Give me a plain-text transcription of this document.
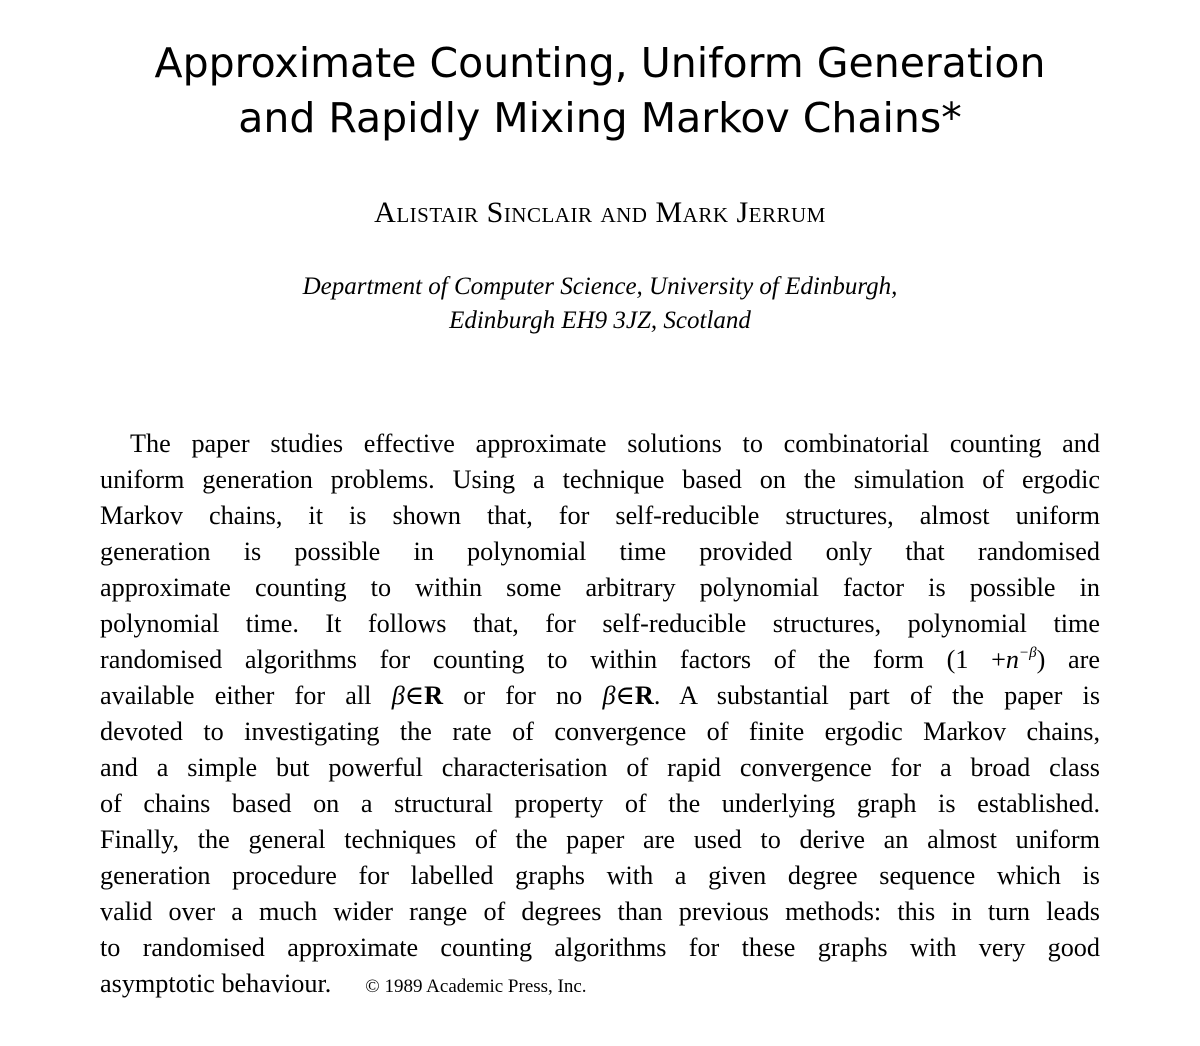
Approximate Counting, Uniform Generation
and Rapidly Mixing Markov Chains*
Alistair Sinclair and Mark Jerrum
Department of Computer Science, University of Edinburgh,
Edinburgh EH9 3JZ, Scotland
The paper studies effective approximate solutions to combinatorial counting and
uniform generation problems. Using a technique based on the simulation of ergodic
Markov chains, it is shown that, for self-reducible structures, almost uniform
generation is possible in polynomial time provided only that randomised
approximate counting to within some arbitrary polynomial factor is possible in
polynomial time. It follows that, for self-reducible structures, polynomial time
randomised algorithms for counting to within factors of the form $(1 +n^{-\beta})$ are
available either for all β∈R or for no β∈R. A substantial part of the paper is
devoted to investigating the rate of convergence of finite ergodic Markov chains,
and a simple but powerful characterisation of rapid convergence for a broad class
of chains based on a structural property of the underlying graph is established.
Finally, the general techniques of the paper are used to derive an almost uniform
generation procedure for labelled graphs with a given degree sequence which is
valid over a much wider range of degrees than previous methods: this in turn leads
to randomised approximate counting algorithms for these graphs with very good
asymptotic behaviour. © 1989 Academic Press, Inc.
